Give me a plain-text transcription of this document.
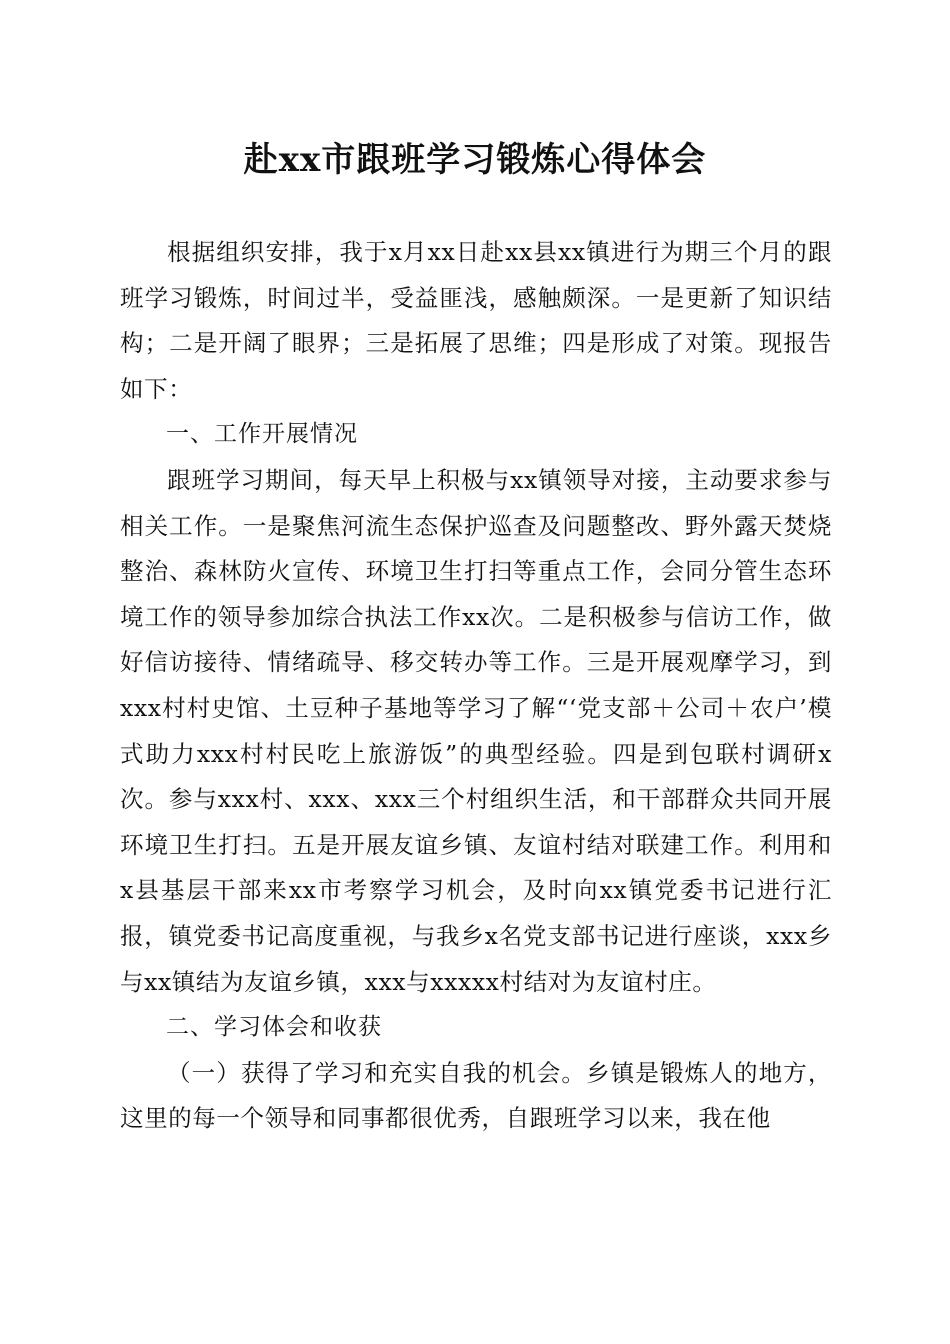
赴xx市跟班学习锻炼心得体会

根据组织安排，我于x月xx日赴xx县xx镇进行为期三个月的跟班学习锻炼，时间过半，受益匪浅，感触颇深。一是更新了知识结构；二是开阔了眼界；三是拓展了思维；四是形成了对策。现报告如下：

一、工作开展情况

跟班学习期间，每天早上积极与xx镇领导对接，主动要求参与相关工作。一是聚焦河流生态保护巡查及问题整改、野外露天焚烧整治、森林防火宣传、环境卫生打扫等重点工作，会同分管生态环境工作的领导参加综合执法工作xx次。二是积极参与信访工作，做好信访接待、情绪疏导、移交转办等工作。三是开展观摩学习，到xxx村村史馆、土豆种子基地等学习了解“‘党支部＋公司＋农户’模式助力xxx村村民吃上旅游饭”的典型经验。四是到包联村调研x次。参与xxx村、xxx、xxx三个村组织生活，和干部群众共同开展环境卫生打扫。五是开展友谊乡镇、友谊村结对联建工作。利用和x县基层干部来xx市考察学习机会，及时向xx镇党委书记进行汇报，镇党委书记高度重视，与我乡x名党支部书记进行座谈，xxx乡与xx镇结为友谊乡镇，xxx与xxxxx村结对为友谊村庄。

二、学习体会和收获

（一）获得了学习和充实自我的机会。乡镇是锻炼人的地方，这里的每一个领导和同事都很优秀，自跟班学习以来，我在他
